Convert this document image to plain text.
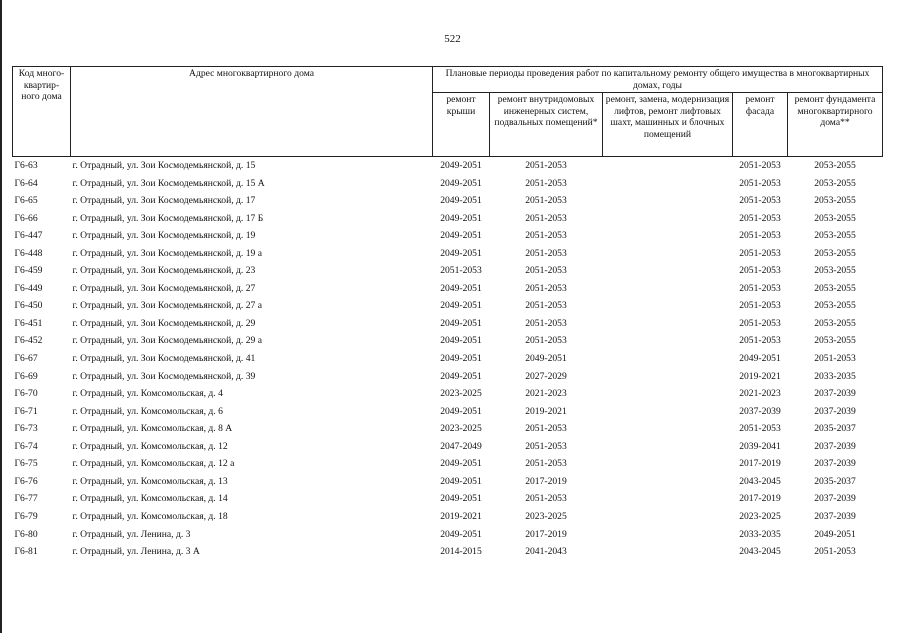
522
Код много-квартир-ного дома	Адрес многоквартирного дома	Плановые периоды проведения работ по капитальному ремонту общего имущества в многоквартирных домах, годы				
		ремонт крыши	ремонт внутридомовых инженерных систем, подвальных помещений*	ремонт, замена, модернизация лифтов, ремонт лифтовых шахт, машинных и блочных помещений	ремонт фасада	ремонт фундамента многоквартирного дома**
Г6-63	г. Отрадный, ул. Зои Космодемьянской, д. 15	2049-2051	2051-2053		2051-2053	2053-2055
Г6-64	г. Отрадный, ул. Зои Космодемьянской, д. 15 А	2049-2051	2051-2053		2051-2053	2053-2055
Г6-65	г. Отрадный, ул. Зои Космодемьянской, д. 17	2049-2051	2051-2053		2051-2053	2053-2055
Г6-66	г. Отрадный, ул. Зои Космодемьянской, д. 17 Б	2049-2051	2051-2053		2051-2053	2053-2055
Г6-447	г. Отрадный, ул. Зои Космодемьянской, д. 19	2049-2051	2051-2053		2051-2053	2053-2055
Г6-448	г. Отрадный, ул. Зои Космодемьянской, д. 19 а	2049-2051	2051-2053		2051-2053	2053-2055
Г6-459	г. Отрадный, ул. Зои Космодемьянской, д. 23	2051-2053	2051-2053		2051-2053	2053-2055
Г6-449	г. Отрадный, ул. Зои Космодемьянской, д. 27	2049-2051	2051-2053		2051-2053	2053-2055
Г6-450	г. Отрадный, ул. Зои Космодемьянской, д. 27 а	2049-2051	2051-2053		2051-2053	2053-2055
Г6-451	г. Отрадный, ул. Зои Космодемьянской, д. 29	2049-2051	2051-2053		2051-2053	2053-2055
Г6-452	г. Отрадный, ул. Зои Космодемьянской, д. 29 а	2049-2051	2051-2053		2051-2053	2053-2055
Г6-67	г. Отрадный, ул. Зои Космодемьянской, д. 41	2049-2051	2049-2051		2049-2051	2051-2053
Г6-69	г. Отрадный, ул. Зои Космодемьянской, д. 39	2049-2051	2027-2029		2019-2021	2033-2035
Г6-70	г. Отрадный, ул. Комсомольская, д. 4	2023-2025	2021-2023		2021-2023	2037-2039
Г6-71	г. Отрадный, ул. Комсомольская, д. 6	2049-2051	2019-2021		2037-2039	2037-2039
Г6-73	г. Отрадный, ул. Комсомольская, д. 8 А	2023-2025	2051-2053		2051-2053	2035-2037
Г6-74	г. Отрадный, ул. Комсомольская, д. 12	2047-2049	2051-2053		2039-2041	2037-2039
Г6-75	г. Отрадный, ул. Комсомольская, д. 12 а	2049-2051	2051-2053		2017-2019	2037-2039
Г6-76	г. Отрадный, ул. Комсомольская, д. 13	2049-2051	2017-2019		2043-2045	2035-2037
Г6-77	г. Отрадный, ул. Комсомольская, д. 14	2049-2051	2051-2053		2017-2019	2037-2039
Г6-79	г. Отрадный, ул. Комсомольская, д. 18	2019-2021	2023-2025		2023-2025	2037-2039
Г6-80	г. Отрадный, ул. Ленина, д. 3	2049-2051	2017-2019		2033-2035	2049-2051
Г6-81	г. Отрадный, ул. Ленина, д. 3 А	2014-2015	2041-2043		2043-2045	2051-2053
